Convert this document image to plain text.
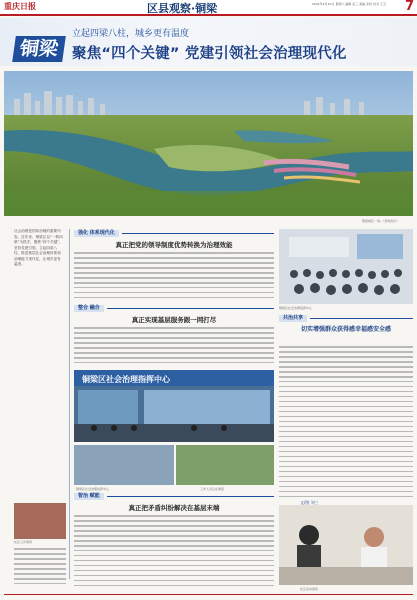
重庆日报	区县观察·铜梁	2021年4月10日 星期六 编辑 张三 美编 李四 校对 王五	7
铜梁
立起四梁八柱，城乡更有温度
聚焦“四个关键” 党建引领社会治理现代化
铜梁城区一角。（资料图片）

社会治理是国家治理的重要内容。近年来，铜梁区以“一核四联”为抓手，聚焦“四个关键”，坚持党建引领，立起四梁八柱，推进基层社会治理体系和治理能力现代化，让城乡更有温度。

强化 体系现代化
真正把党的领导制度优势转换为治理效能
铜梁区社会治理指挥中心
整合 融合
真正实现基层服务跟一网打尽	共治共享
切实增强群众获得感幸福感安全感
铜梁区社会治理指挥中心
铜梁区社会治理指挥中心	工作人员正在调度
智治 赋能
真正把矛盾纠纷解决在基层末端
社区工作现场
社区活动现场
文/图 刘三
